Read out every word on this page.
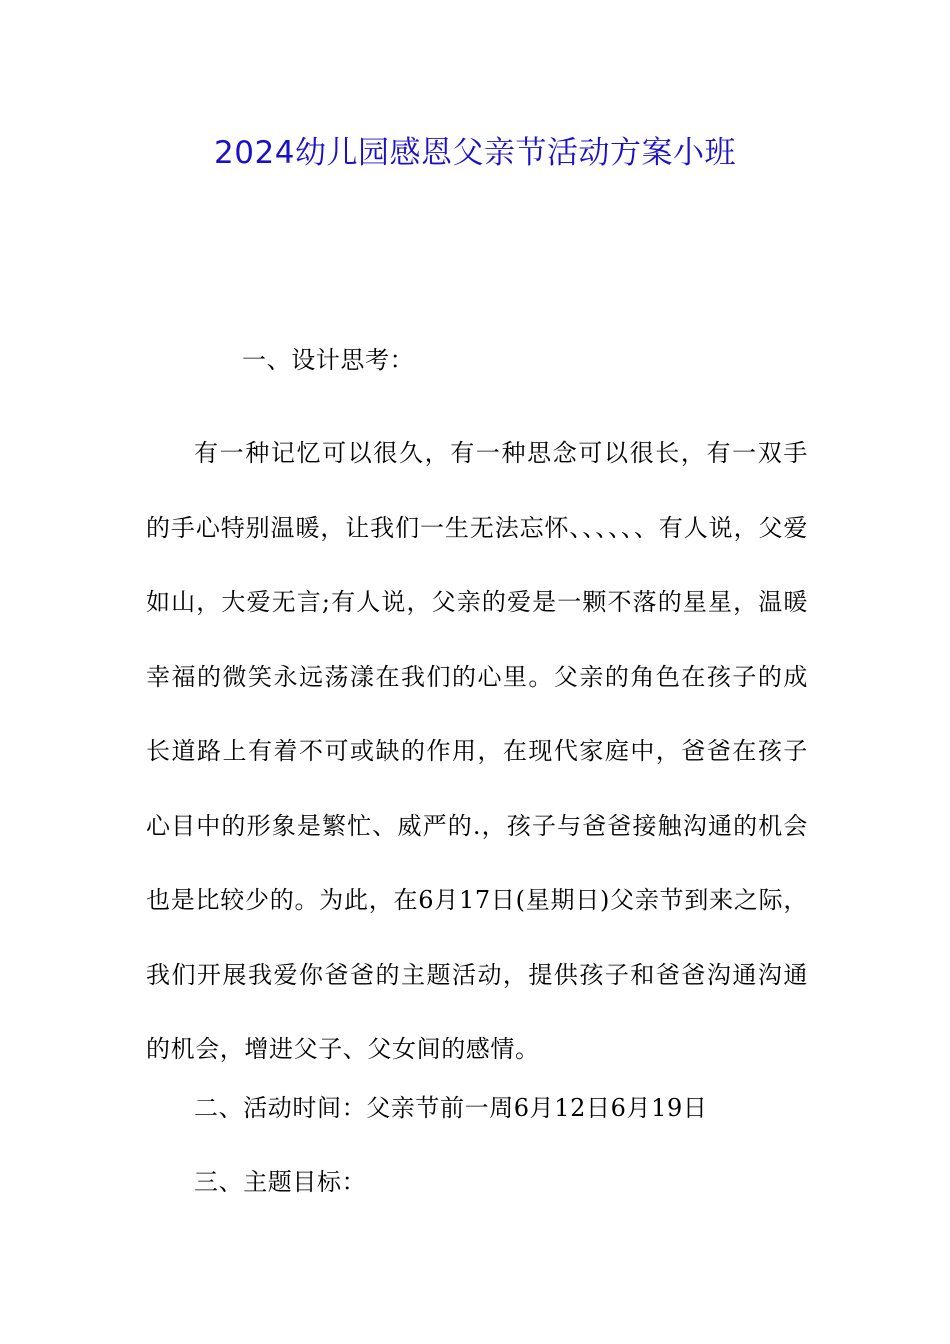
2024幼儿园感恩父亲节活动方案小班
一、设计思考：
有一种记忆可以很久，有一种思念可以很长，有一双手的手心特别温暖，让我们一生无法忘怀、、、、、、有人说，父爱如山，大爱无言;有人说，父亲的爱是一颗不落的星星，温暖幸福的微笑永远荡漾在我们的心里。父亲的角色在孩子的成长道路上有着不可或缺的作用，在现代家庭中，爸爸在孩子心目中的形象是繁忙、威严的.，孩子与爸爸接触沟通的机会也是比较少的。为此，在6月17日(星期日)父亲节到来之际，我们开展我爱你爸爸的主题活动，提供孩子和爸爸沟通沟通的机会，增进父子、父女间的感情。
二、活动时间：父亲节前一周6月12日6月19日
三、主题目标：
